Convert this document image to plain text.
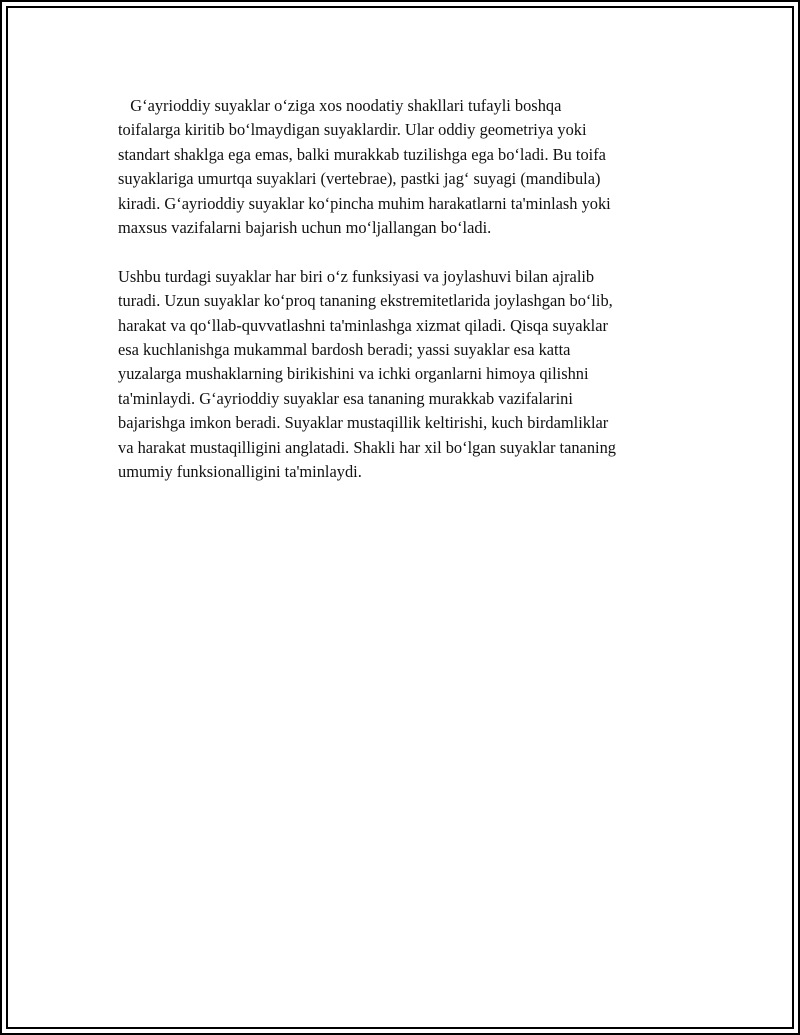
G‘ayrioddiy suyaklar o‘ziga xos noodatiy shakllari tufayli boshqa
toifalarga kiritib bo‘lmaydigan suyaklardir. Ular oddiy geometriya yoki
standart shaklga ega emas, balki murakkab tuzilishga ega bo‘ladi. Bu toifa
suyaklariga umurtqa suyaklari (vertebrae), pastki jag‘ suyagi (mandibula)
kiradi. G‘ayrioddiy suyaklar ko‘pincha muhim harakatlarni ta'minlash yoki
maxsus vazifalarni bajarish uchun mo‘ljallangan bo‘ladi.

Ushbu turdagi suyaklar har biri o‘z funksiyasi va joylashuvi bilan ajralib
turadi. Uzun suyaklar ko‘proq tananing ekstremitetlarida joylashgan bo‘lib,
harakat va qo‘llab-quvvatlashni ta'minlashga xizmat qiladi. Qisqa suyaklar
esa kuchlanishga mukammal bardosh beradi; yassi suyaklar esa katta
yuzalarga mushaklarning birikishini va ichki organlarni himoya qilishni
ta'minlaydi. G‘ayrioddiy suyaklar esa tananing murakkab vazifalarini
bajarishga imkon beradi. Suyaklar mustaqillik keltirishi, kuch birdamliklar
va harakat mustaqilligini anglatadi. Shakli har xil bo‘lgan suyaklar tananing
umumiy funksionalligini ta'minlaydi.
